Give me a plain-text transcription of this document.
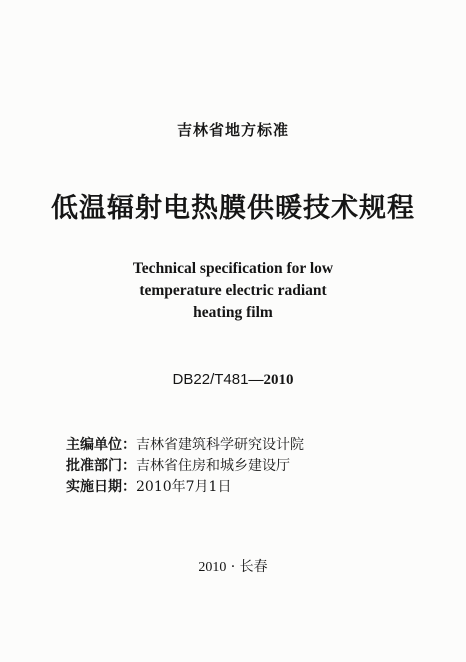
吉林省地方标准
低温辐射电热膜供暖技术规程
Technical specification for low
temperature electric radiant
heating film
DB22/T481—2010
主编单位：吉林省建筑科学研究设计院
批准部门：吉林省住房和城乡建设厅
实施日期：2010年7月1日
2010 · 长春
